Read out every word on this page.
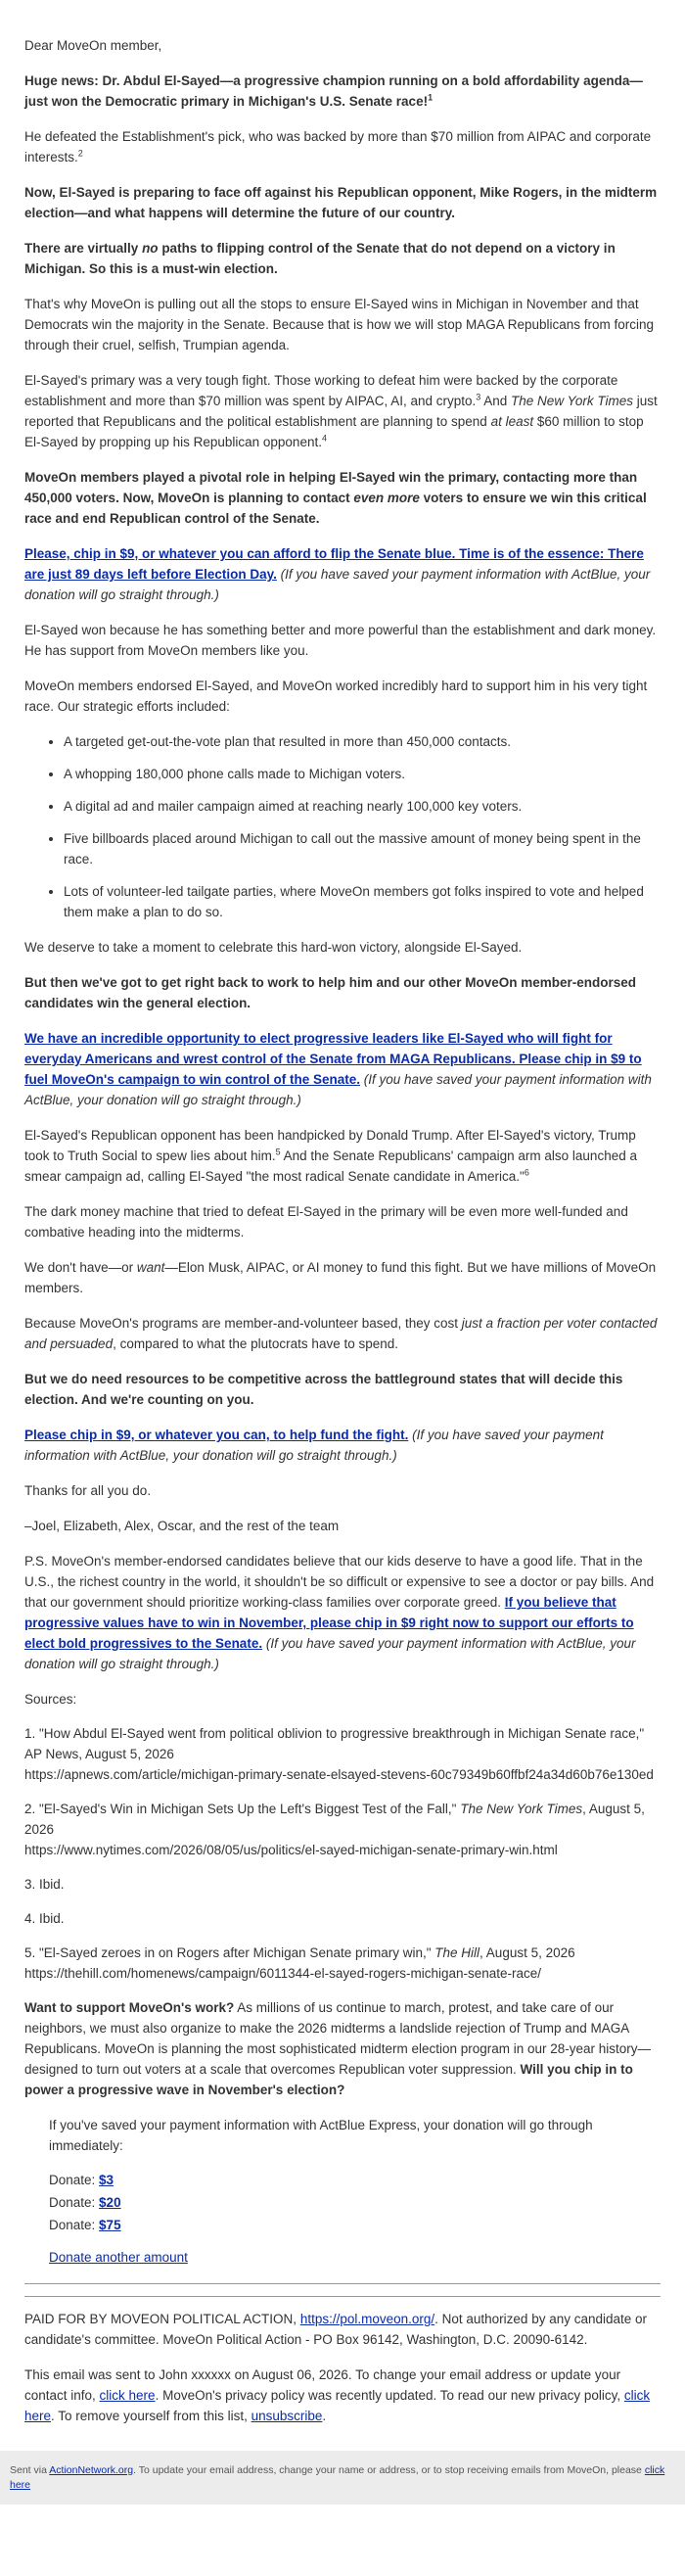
Dear MoveOn member,

Huge news: Dr. Abdul El-Sayed—a progressive champion running on a bold affordability agenda—just won the Democratic primary in Michigan's U.S. Senate race!$^1$

He defeated the Establishment's pick, who was backed by more than $70 million from AIPAC and corporate interests.$^2$

Now, El-Sayed is preparing to face off against his Republican opponent, Mike Rogers, in the midterm election—and what happens will determine the future of our country.

There are virtually no paths to flipping control of the Senate that do not depend on a victory in Michigan. So this is a must-win election.

That's why MoveOn is pulling out all the stops to ensure El-Sayed wins in Michigan in November and that Democrats win the majority in the Senate. Because that is how we will stop MAGA Republicans from forcing through their cruel, selfish, Trumpian agenda.

El-Sayed's primary was a very tough fight. Those working to defeat him were backed by the corporate establishment and more than $70 million was spent by AIPAC, AI, and crypto.$^3$ And The New York Times just reported that Republicans and the political establishment are planning to spend at least $60 million to stop El-Sayed by propping up his Republican opponent.$^4$

MoveOn members played a pivotal role in helping El-Sayed win the primary, contacting more than 450,000 voters. Now, MoveOn is planning to contact even more voters to ensure we win this critical race and end Republican control of the Senate.

Please, chip in $9, or whatever you can afford to flip the Senate blue. Time is of the essence: There are just 89 days left before Election Day. (If you have saved your payment information with ActBlue, your donation will go straight through.)

El-Sayed won because he has something better and more powerful than the establishment and dark money. He has support from MoveOn members like you.

MoveOn members endorsed El-Sayed, and MoveOn worked incredibly hard to support him in his very tight race. Our strategic efforts included:

• A targeted get-out-the-vote plan that resulted in more than 450,000 contacts.
• A whopping 180,000 phone calls made to Michigan voters.
• A digital ad and mailer campaign aimed at reaching nearly 100,000 key voters.
• Five billboards placed around Michigan to call out the massive amount of money being spent in the race.
• Lots of volunteer-led tailgate parties, where MoveOn members got folks inspired to vote and helped them make a plan to do so.

We deserve to take a moment to celebrate this hard-won victory, alongside El-Sayed.

But then we've got to get right back to work to help him and our other MoveOn member-endorsed candidates win the general election.

We have an incredible opportunity to elect progressive leaders like El-Sayed who will fight for everyday Americans and wrest control of the Senate from MAGA Republicans. Please chip in $9 to fuel MoveOn's campaign to win control of the Senate. (If you have saved your payment information with ActBlue, your donation will go straight through.)

El-Sayed's Republican opponent has been handpicked by Donald Trump. After El-Sayed's victory, Trump took to Truth Social to spew lies about him.$^5$ And the Senate Republicans' campaign arm also launched a smear campaign ad, calling El-Sayed "the most radical Senate candidate in America."$^6$

The dark money machine that tried to defeat El-Sayed in the primary will be even more well-funded and combative heading into the midterms.

We don't have—or want—Elon Musk, AIPAC, or AI money to fund this fight. But we have millions of MoveOn members.

Because MoveOn's programs are member-and-volunteer based, they cost just a fraction per voter contacted and persuaded, compared to what the plutocrats have to spend.

But we do need resources to be competitive across the battleground states that will decide this election. And we're counting on you.

Please chip in $9, or whatever you can, to help fund the fight. (If you have saved your payment information with ActBlue, your donation will go straight through.)

Thanks for all you do.

–Joel, Elizabeth, Alex, Oscar, and the rest of the team

P.S. MoveOn's member-endorsed candidates believe that our kids deserve to have a good life. That in the U.S., the richest country in the world, it shouldn't be so difficult or expensive to see a doctor or pay bills. And that our government should prioritize working-class families over corporate greed. If you believe that progressive values have to win in November, please chip in $9 right now to support our efforts to elect bold progressives to the Senate. (If you have saved your payment information with ActBlue, your donation will go straight through.)

Sources:

1. "How Abdul El-Sayed went from political oblivion to progressive breakthrough in Michigan Senate race," AP News, August 5, 2026
https://apnews.com/article/michigan-primary-senate-elsayed-stevens-60c79349b60ffbf24a34d60b76e130ed

2. "El-Sayed's Win in Michigan Sets Up the Left's Biggest Test of the Fall," The New York Times, August 5, 2026
https://www.nytimes.com/2026/08/05/us/politics/el-sayed-michigan-senate-primary-win.html

3. Ibid.

4. Ibid.

5. "El-Sayed zeroes in on Rogers after Michigan Senate primary win," The Hill, August 5, 2026
https://thehill.com/homenews/campaign/6011344-el-sayed-rogers-michigan-senate-race/

Want to support MoveOn's work? As millions of us continue to march, protest, and take care of our neighbors, we must also organize to make the 2026 midterms a landslide rejection of Trump and MAGA Republicans. MoveOn is planning the most sophisticated midterm election program in our 28-year history—designed to turn out voters at a scale that overcomes Republican voter suppression. Will you chip in to power a progressive wave in November's election?

If you've saved your payment information with ActBlue Express, your donation will go through immediately:

Donate: $3
Donate: $20
Donate: $75
Donate another amount

PAID FOR BY MOVEON POLITICAL ACTION, https://pol.moveon.org/. Not authorized by any candidate or candidate's committee. MoveOn Political Action - PO Box 96142, Washington, D.C. 20090-6142.

This email was sent to John xxxxxx on August 06, 2026. To change your email address or update your contact info, click here. MoveOn's privacy policy was recently updated. To read our new privacy policy, click here. To remove yourself from this list, unsubscribe.

Sent via ActionNetwork.org. To update your email address, change your name or address, or to stop receiving emails from MoveOn, please click here
